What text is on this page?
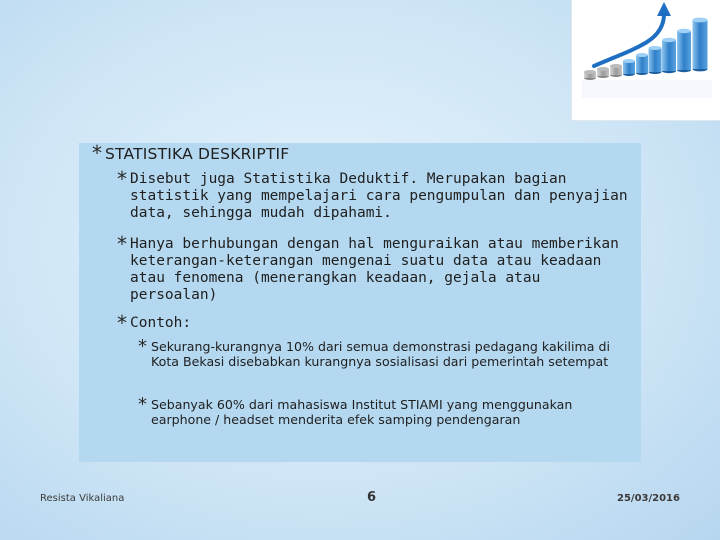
* STATISTIKA DESKRIPTIF
* Disebut juga Statistika Deduktif. Merupakan bagian statistik yang mempelajari cara pengumpulan dan penyajian data, sehingga mudah dipahami.
* Hanya berhubungan dengan hal menguraikan atau memberikan keterangan-keterangan mengenai suatu data atau keadaan atau fenomena (menerangkan keadaan, gejala atau persoalan)
* Contoh:
* Sekurang-kurangnya 10% dari semua demonstrasi pedagang kakilima di Kota Bekasi disebabkan kurangnya sosialisasi dari pemerintah setempat
* Sebanyak 60% dari mahasiswa Institut STIAMI yang menggunakan earphone / headset menderita efek samping pendengaran
Resista Vikaliana	6	25/03/2016
